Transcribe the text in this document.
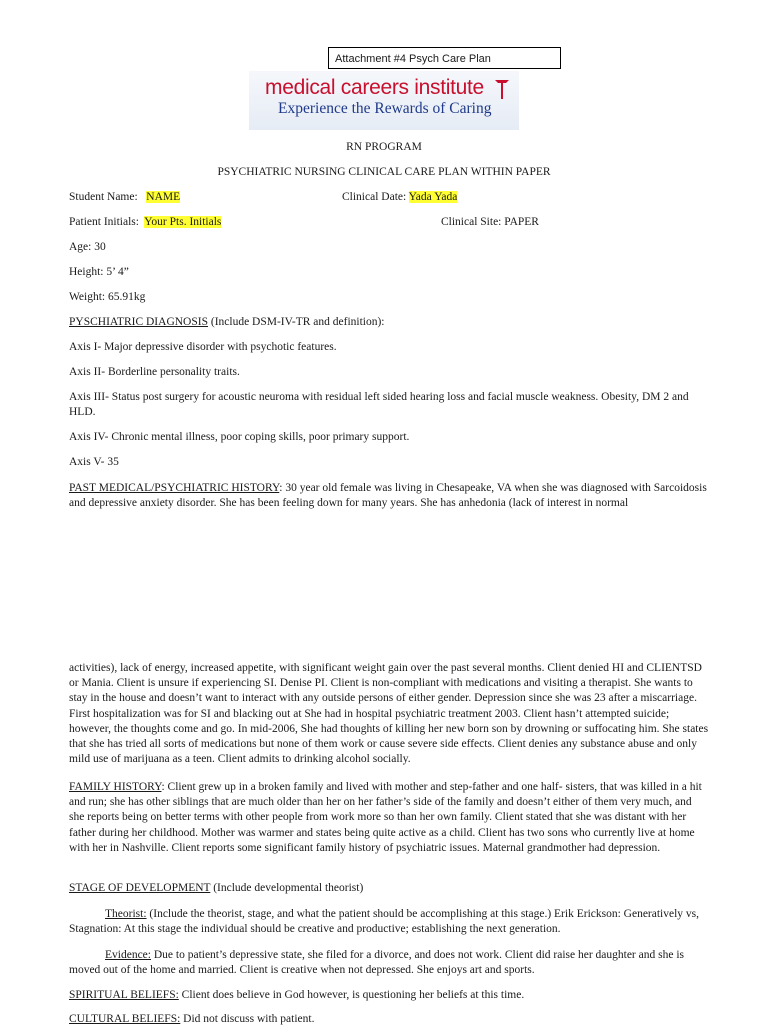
Attachment #4 Psych Care Plan
medical careers institute
Experience the Rewards of Caring
RN PROGRAM
PSYCHIATRIC NURSING CLINICAL CARE PLAN WITHIN PAPER
Student Name: NAME	Clinical Date: Yada Yada
Patient Initials: Your Pts. Initials	Clinical Site: PAPER
Age: 30
Height: 5’ 4”
Weight: 65.91kg
PYSCHIATRIC DIAGNOSIS (Include DSM-IV-TR and definition):
Axis I- Major depressive disorder with psychotic features.
Axis II- Borderline personality traits.
Axis III- Status post surgery for acoustic neuroma with residual left sided hearing loss and facial muscle weakness. Obesity, DM 2 and HLD.
Axis IV- Chronic mental illness, poor coping skills, poor primary support.
Axis V- 35
PAST MEDICAL/PSYCHIATRIC HISTORY: 30 year old female was living in Chesapeake, VA when she was diagnosed with Sarcoidosis and depressive anxiety disorder. She has been feeling down for many years. She has anhedonia (lack of interest in normal
activities), lack of energy, increased appetite, with significant weight gain over the past several months. Client denied HI and CLIENTSD or Mania. Client is unsure if experiencing SI. Denise PI. Client is non-compliant with medications and visiting a therapist. She wants to stay in the house and doesn’t want to interact with any outside persons of either gender. Depression since she was 23 after a miscarriage. First hospitalization was for SI and blacking out at She had in hospital psychiatric treatment 2003. Client hasn’t attempted suicide; however, the thoughts come and go. In mid-2006, She had thoughts of killing her new born son by drowning or suffocating him. She states that she has tried all sorts of medications but none of them work or cause severe side effects. Client denies any substance abuse and only mild use of marijuana as a teen. Client admits to drinking alcohol socially.
FAMILY HISTORY: Client grew up in a broken family and lived with mother and step-father and one half- sisters, that was killed in a hit and run; she has other siblings that are much older than her on her father’s side of the family and doesn’t either of them very much, and she reports being on better terms with other people from work more so than her own family. Client stated that she was distant with her father during her childhood. Mother was warmer and states being quite active as a child. Client has two sons who currently live at home with her in Nashville. Client reports some significant family history of psychiatric issues. Maternal grandmother had depression.
STAGE OF DEVELOPMENT (Include developmental theorist)
Theorist: (Include the theorist, stage, and what the patient should be accomplishing at this stage.) Erik Erickson: Generatively vs, Stagnation: At this stage the individual should be creative and productive; establishing the next generation.
Evidence: Due to patient’s depressive state, she filed for a divorce, and does not work. Client did raise her daughter and she is moved out of the home and married. Client is creative when not depressed. She enjoys art and sports.
SPIRITUAL BELIEFS: Client does believe in God however, is questioning her beliefs at this time.
CULTURAL BELIEFS: Did not discuss with patient.
